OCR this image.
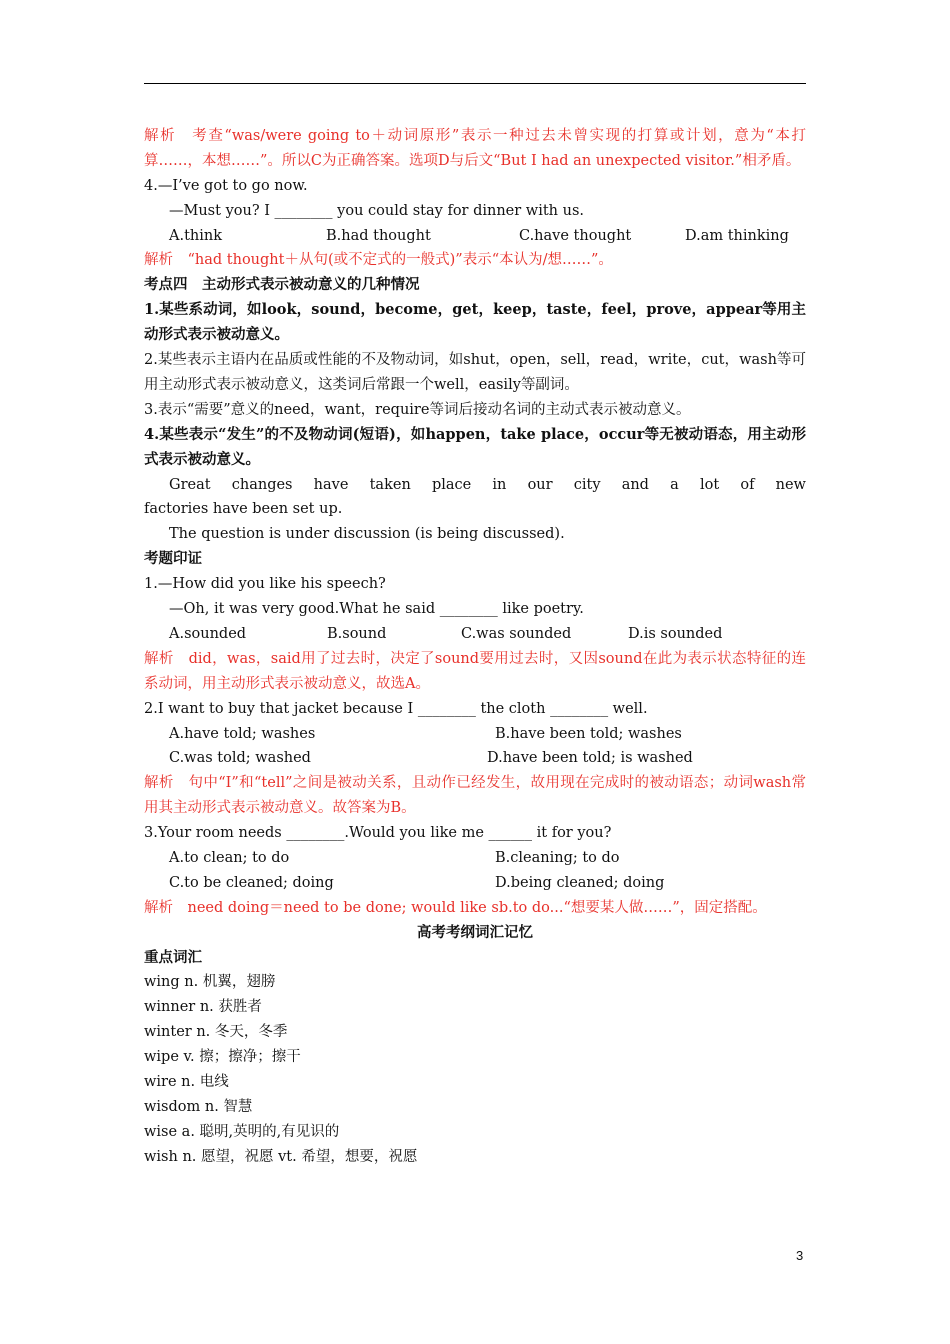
解析　考查“was/were going to＋动词原形”表示一种过去未曾实现的打算或计划，意为“本打算……，本想……”。所以C为正确答案。选项D与后文“But I had an unexpected visitor.”相矛盾。
4.—I’ve got to go now.
—Must you? I ________ you could stay for dinner with us.
A.think	B.had thought	C.have thought	D.am thinking
解析　“had thought＋从句(或不定式的一般式)”表示“本认为/想……”。
考点四　主动形式表示被动意义的几种情况
1.某些系动词，如look，sound，become，get，keep，taste，feel，prove，appear等用主动形式表示被动意义。
2.某些表示主语内在品质或性能的不及物动词，如shut，open，sell，read，write，cut，wash等可用主动形式表示被动意义，这类词后常跟一个well，easily等副词。
3.表示“需要”意义的need，want，require等词后接动名词的主动式表示被动意义。
4.某些表示“发生”的不及物动词(短语)，如happen，take place，occur等无被动语态，用主动形式表示被动意义。
Great changes have taken place in our city and a lot of new
factories have been set up.
The question is under discussion (is being discussed).
考题印证
1.—How did you like his speech?
—Oh, it was very good.What he said ________ like poetry.
A.sounded	B.sound	C.was sounded	D.is sounded
解析　did，was，said用了过去时，决定了sound要用过去时，又因sound在此为表示状态特征的连系动词，用主动形式表示被动意义，故选A。
2.I want to buy that jacket because I ________ the cloth ________ well.
A.have told; washes	B.have been told; washes
C.was told; washed	D.have been told; is washed
解析　句中“I”和“tell”之间是被动关系，且动作已经发生，故用现在完成时的被动语态；动词wash常用其主动形式表示被动意义。故答案为B。
3.Your room needs ________.Would you like me ______ it for you?
A.to clean; to do	B.cleaning; to do
C.to be cleaned; doing	D.being cleaned; doing
解析　need doing＝need to be done; would like sb.to do...“想要某人做……”，固定搭配。
高考考纲词汇记忆
重点词汇
wing n. 机翼，翅膀
winner n. 获胜者
winter n. 冬天，冬季
wipe v. 擦；擦净；擦干
wire n. 电线
wisdom n. 智慧
wise a. 聪明,英明的,有见识的
wish n. 愿望，祝愿 vt. 希望，想要，祝愿
3
